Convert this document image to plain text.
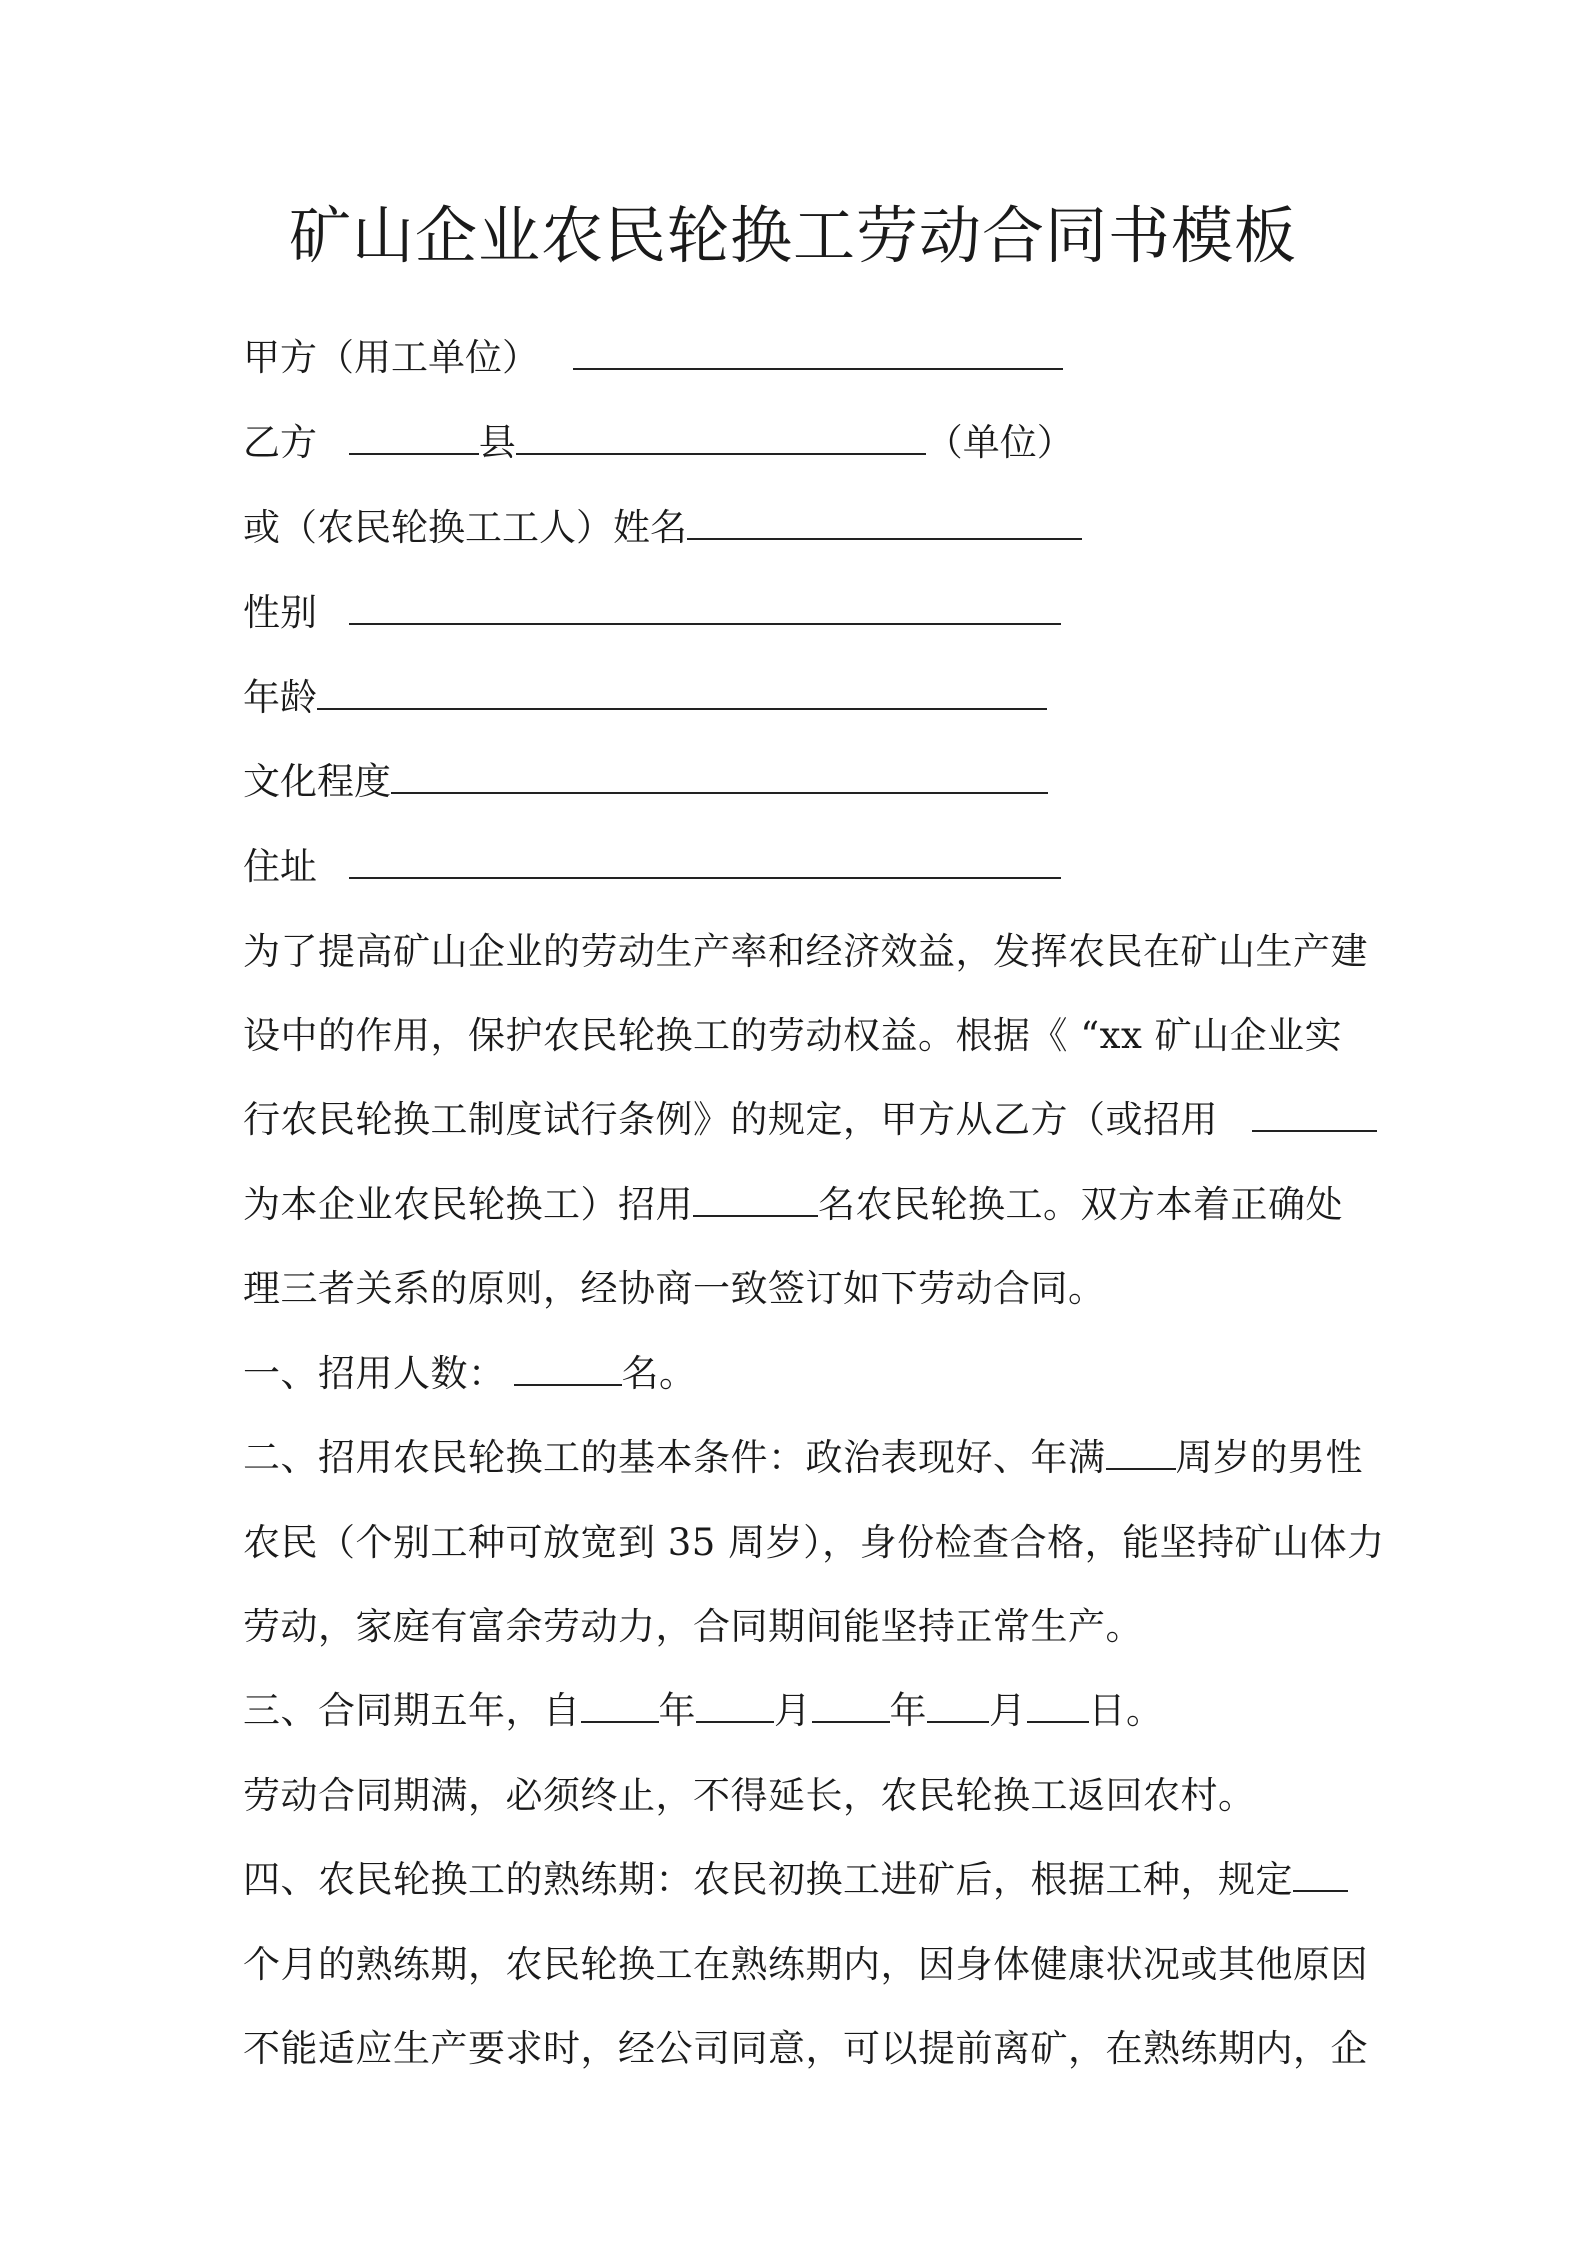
矿山企业农民轮换工劳动合同书模板
甲方（用工单位）
乙方	县	（单位）
或（农民轮换工工人）姓名
性别
年龄
文化程度
住址
为了提高矿山企业的劳动生产率和经济效益，发挥农民在矿山生产建
设中的作用，保护农民轮换工的劳动权益。根据《 “xx 矿山企业实
行农民轮换工制度试行条例》的规定，甲方从乙方（或招用
为本企业农民轮换工）招用	名农民轮换工。双方本着正确处
理三者关系的原则，经协商一致签订如下劳动合同。
一、招用人数：	名。
二、招用农民轮换工的基本条件：政治表现好、年满 周岁的男性
农民（个别工种可放宽到 35 周岁），身份检查合格，能坚持矿山体力
劳动，家庭有富余劳动力，合同期间能坚持正常生产。
三、合同期五年，自 年 月 年 月 日。
劳动合同期满，必须终止，不得延长，农民轮换工返回农村。
四、农民轮换工的熟练期：农民初换工进矿后，根据工种，规定
个月的熟练期，农民轮换工在熟练期内，因身体健康状况或其他原因
不能适应生产要求时，经公司同意，可以提前离矿，在熟练期内，企
